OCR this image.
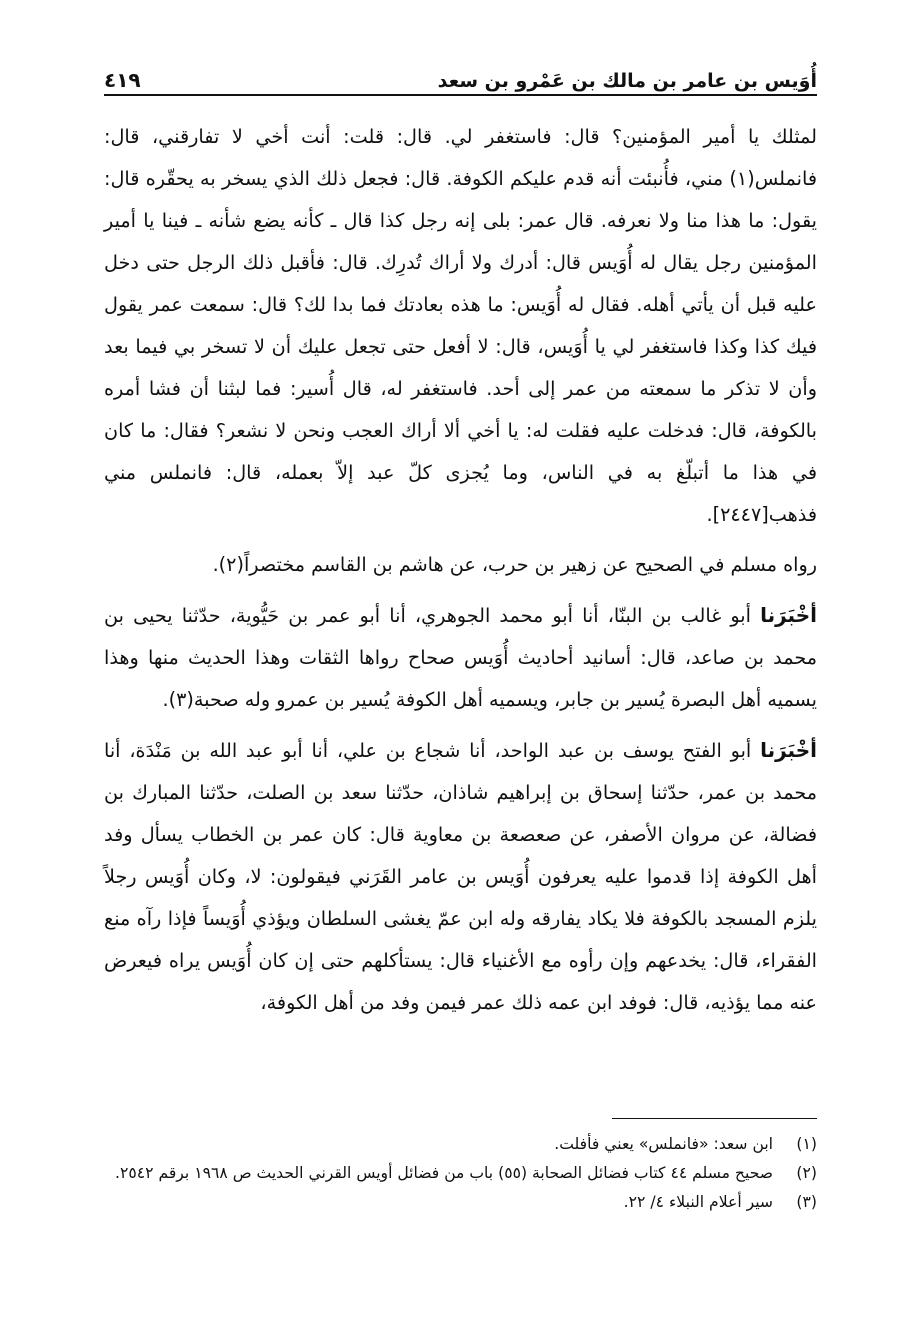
أُوَيس بن عامر بن مالك بن عَمْرو بن سعد
٤١٩

لمثلك يا أمير المؤمنين؟ قال: فاستغفر لي. قال: قلت: أنت أخي لا تفارقني، قال: فانملس(١) مني، فأُنبئت أنه قدم عليكم الكوفة. قال: فجعل ذلك الذي يسخر به يحقّره قال: يقول: ما هذا منا ولا نعرفه. قال عمر: بلى إنه رجل كذا قال ـ كأنه يضع شأنه ـ فينا يا أمير المؤمنين رجل يقال له أُوَيس قال: أدرك ولا أراك تُدرِك. قال: فأقبل ذلك الرجل حتى دخل عليه قبل أن يأتي أهله. فقال له أُوَيس: ما هذه بعادتك فما بدا لك؟ قال: سمعت عمر يقول فيك كذا وكذا فاستغفر لي يا أُوَيس، قال: لا أفعل حتى تجعل عليك أن لا تسخر بي فيما بعد وأن لا تذكر ما سمعته من عمر إلى أحد. فاستغفر له، قال أُسير: فما لبثنا أن فشا أمره بالكوفة، قال: فدخلت عليه فقلت له: يا أخي ألا أراك العجب ونحن لا نشعر؟ فقال: ما كان في هذا ما أتبلّغ به في الناس، وما يُجزى كلّ عبد إلاّ بعمله، قال: فانملس مني فذهب[٢٤٤٧].

رواه مسلم في الصحيح عن زهير بن حرب، عن هاشم بن القاسم مختصراً(٢).

أخْبَرَنا أبو غالب بن البنّا، أنا أبو محمد الجوهري، أنا أبو عمر بن حَيُّوية، حدّثنا يحيى بن محمد بن صاعد، قال: أسانيد أحاديث أُوَيس صحاح رواها الثقات وهذا الحديث منها وهذا يسميه أهل البصرة يُسير بن جابر، ويسميه أهل الكوفة يُسير بن عمرو وله صحبة(٣).

أخْبَرَنا أبو الفتح يوسف بن عبد الواحد، أنا شجاع بن علي، أنا أبو عبد الله بن مَنْدَة، أنا محمد بن عمر، حدّثنا إسحاق بن إبراهيم شاذان، حدّثنا سعد بن الصلت، حدّثنا المبارك بن فضالة، عن مروان الأصفر، عن صعصعة بن معاوية قال: كان عمر بن الخطاب يسأل وفد أهل الكوفة إذا قدموا عليه يعرفون أُوَيس بن عامر القَرَني فيقولون: لا، وكان أُوَيس رجلاً يلزم المسجد بالكوفة فلا يكاد يفارقه وله ابن عمّ يغشى السلطان ويؤذي أُوَيساً فإذا رآه منع الفقراء، قال: يخدعهم وإن رأوه مع الأغنياء قال: يستأكلهم حتى إن كان أُوَيس يراه فيعرض عنه مما يؤذيه، قال: فوفد ابن عمه ذلك عمر فيمن وفد من أهل الكوفة،

(١)
ابن سعد: «فانملس» يعني فأفلت.
(٢)
صحيح مسلم ٤٤ كتاب فضائل الصحابة (٥٥) باب من فضائل أويس القرني الحديث ص ١٩٦٨ برقم ٢٥٤٢.
(٣)
سير أعلام النبلاء ٤/ ٢٢.
